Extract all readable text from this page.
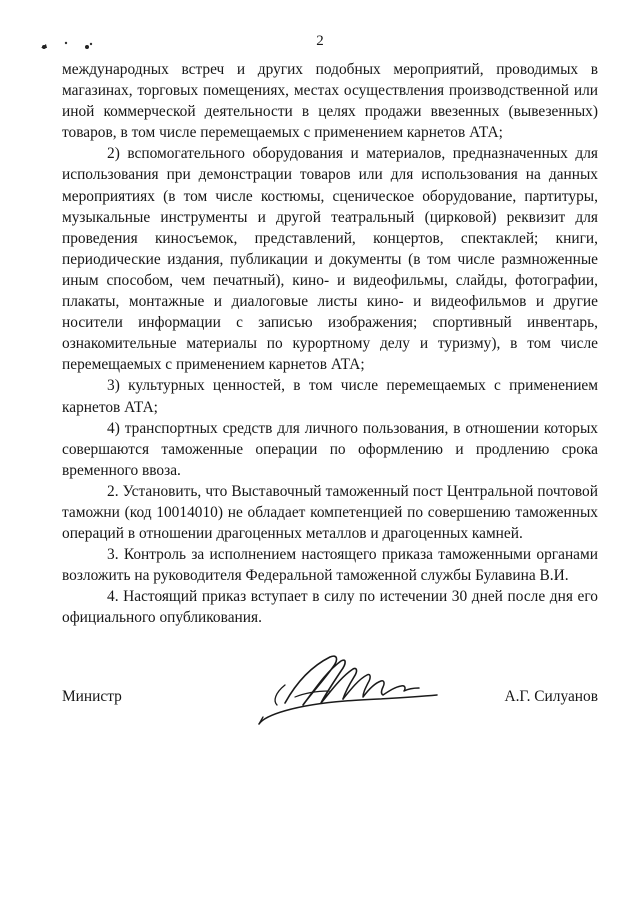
2

международных встреч и других подобных мероприятий, проводимых в магазинах, торговых помещениях, местах осуществления производственной или иной коммерческой деятельности в целях продажи ввезенных (вывезенных) товаров, в том числе перемещаемых с применением карнетов АТА;

2) вспомогательного оборудования и материалов, предназначенных для использования при демонстрации товаров или для использования на данных мероприятиях (в том числе костюмы, сценическое оборудование, партитуры, музыкальные инструменты и другой театральный (цирковой) реквизит для проведения киносъемок, представлений, концертов, спектаклей; книги, периодические издания, публикации и документы (в том числе размноженные иным способом, чем печатный), кино- и видеофильмы, слайды, фотографии, плакаты, монтажные и диалоговые листы кино- и видеофильмов и другие носители информации с записью изображения; спортивный инвентарь, ознакомительные материалы по курортному делу и туризму), в том числе перемещаемых с применением карнетов АТА;

3) культурных ценностей, в том числе перемещаемых с применением карнетов АТА;

4) транспортных средств для личного пользования, в отношении которых совершаются таможенные операции по оформлению и продлению срока временного ввоза.

2. Установить, что Выставочный таможенный пост Центральной почтовой таможни (код 10014010) не обладает компетенцией по совершению таможенных операций в отношении драгоценных металлов и драгоценных камней.

3. Контроль за исполнением настоящего приказа таможенными органами возложить на руководителя Федеральной таможенной службы Булавина В.И.

4. Настоящий приказ вступает в силу по истечении 30 дней после дня его официального опубликования.

Министр	А.Г. Силуанов
